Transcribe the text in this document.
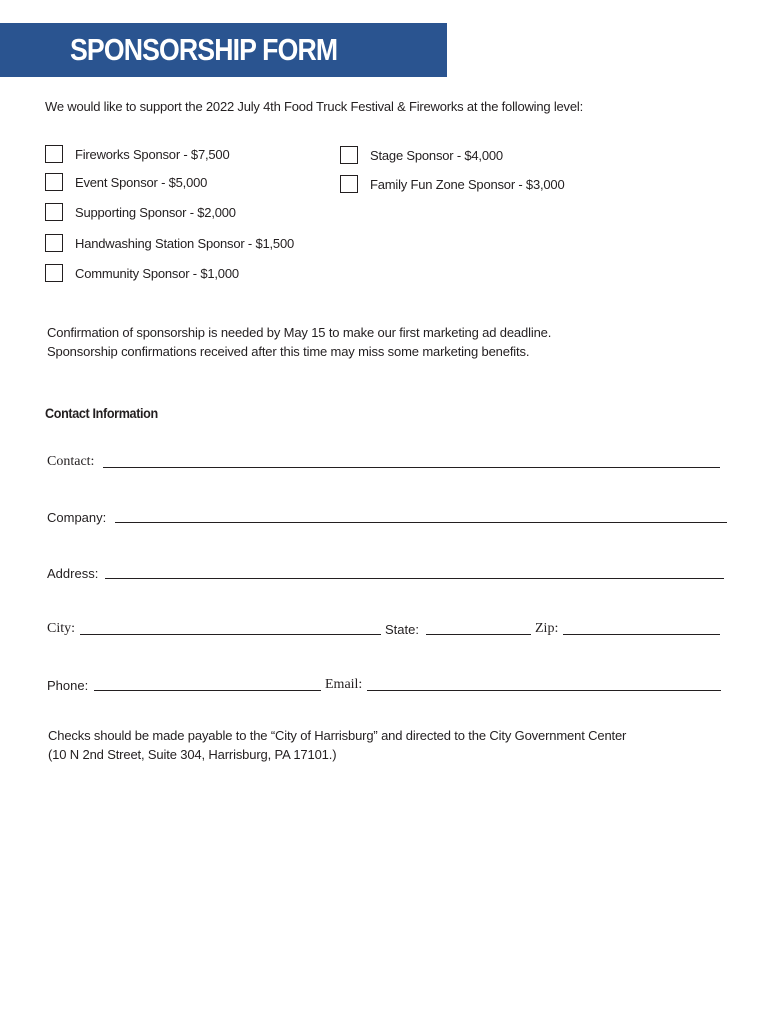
SPONSORSHIP FORM
We would like to support the 2022 July 4th Food Truck Festival & Fireworks at the following level:
Fireworks Sponsor - $7,500
Event Sponsor - $5,000
Supporting Sponsor - $2,000
Handwashing Station Sponsor - $1,500
Community Sponsor - $1,000
Stage Sponsor - $4,000
Family Fun Zone Sponsor - $3,000
Confirmation of sponsorship is needed by May 15 to make our first marketing ad deadline.
Sponsorship confirmations received after this time may miss some marketing benefits.
Contact Information
Contact:
Company:
Address:
City:	State:	Zip:
Phone:	Email:
Checks should be made payable to the “City of Harrisburg” and directed to the City Government Center
(10 N 2nd Street, Suite 304, Harrisburg, PA 17101.)
